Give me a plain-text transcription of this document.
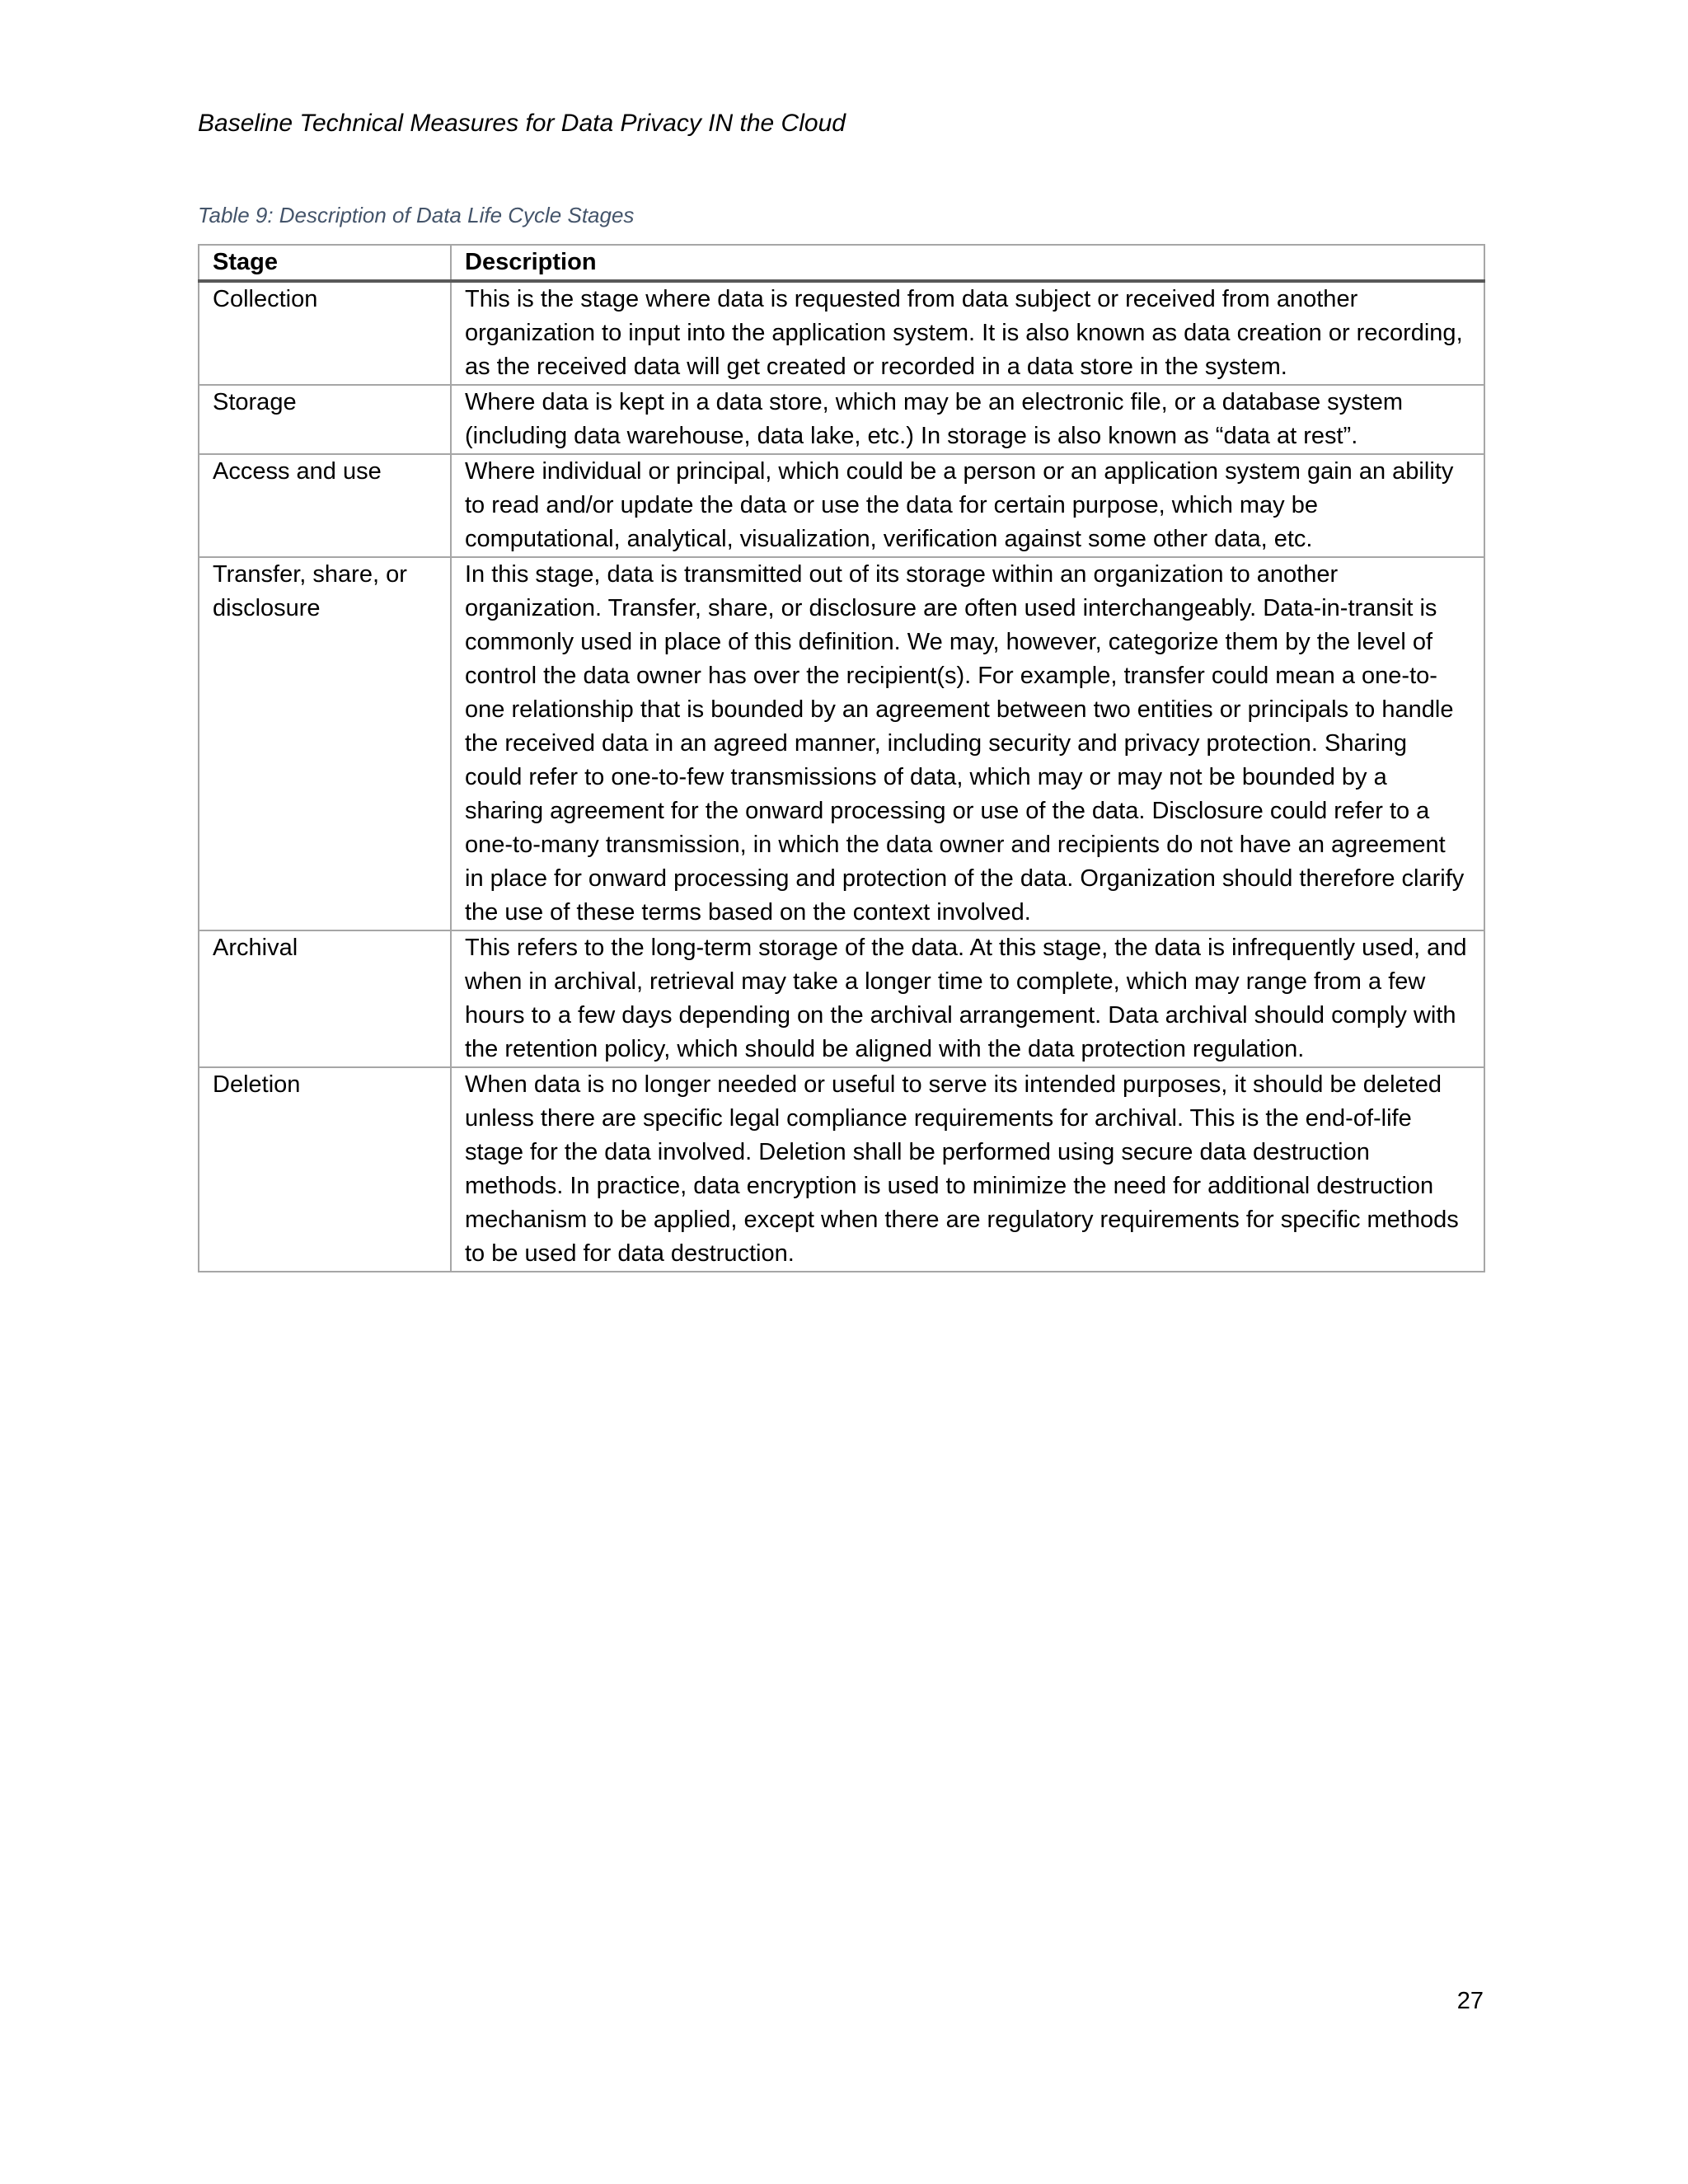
Baseline Technical Measures for Data Privacy IN the Cloud
Table 9: Description of Data Life Cycle Stages
Stage	Description
Collection	This is the stage where data is requested from data subject or received from another organization to input into the application system. It is also known as data creation or recording, as the received data will get created or recorded in a data store in the system.
Storage	Where data is kept in a data store, which may be an electronic file, or a database system (including data warehouse, data lake, etc.) In storage is also known as “data at rest”.
Access and use	Where individual or principal, which could be a person or an application system gain an ability to read and/or update the data or use the data for certain purpose, which may be computational, analytical, visualization, verification against some other data, etc.
Transfer, share, or disclosure	In this stage, data is transmitted out of its storage within an organization to another organization. Transfer, share, or disclosure are often used interchangeably. Data-in-transit is commonly used in place of this definition. We may, however, categorize them by the level of control the data owner has over the recipient(s). For example, transfer could mean a one-to-one relationship that is bounded by an agreement between two entities or principals to handle the received data in an agreed manner, including security and privacy protection. Sharing could refer to one-to-few transmissions of data, which may or may not be bounded by a sharing agreement for the onward processing or use of the data. Disclosure could refer to a one-to-many transmission, in which the data owner and recipients do not have an agreement in place for onward processing and protection of the data. Organization should therefore clarify the use of these terms based on the context involved.
Archival	This refers to the long-term storage of the data. At this stage, the data is infrequently used, and when in archival, retrieval may take a longer time to complete, which may range from a few hours to a few days depending on the archival arrangement. Data archival should comply with the retention policy, which should be aligned with the data protection regulation.
Deletion	When data is no longer needed or useful to serve its intended purposes, it should be deleted unless there are specific legal compliance requirements for archival. This is the end-of-life stage for the data involved. Deletion shall be performed using secure data destruction methods. In practice, data encryption is used to minimize the need for additional destruction mechanism to be applied, except when there are regulatory requirements for specific methods to be used for data destruction.
27
